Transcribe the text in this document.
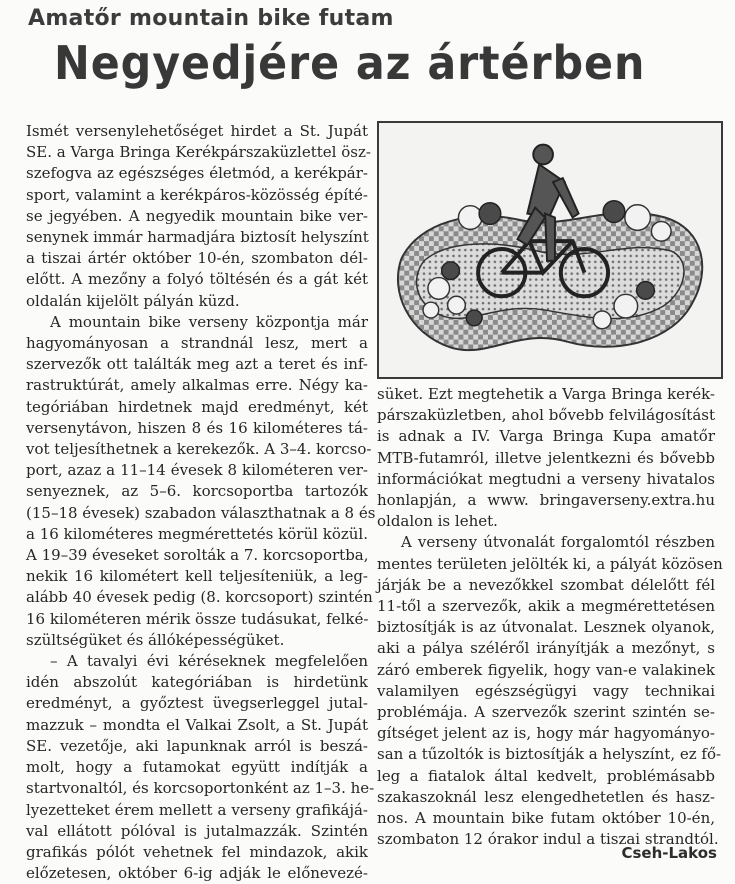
Amatőr mountain bike futam
Negyedjére az ártérben
Ismét versenylehetőséget hirdet a St. Jupát
SE. a Varga Bringa Kerékpárszaküzlettel ösz-
szefogva az egészséges életmód, a kerékpár-
sport, valamint a kerékpáros-közösség építé-
se jegyében. A negyedik mountain bike ver-
senynek immár harmadjára biztosít helyszínt
a tiszai ártér október 10-én, szombaton dél-
előtt. A mezőny a folyó töltésén és a gát két
oldalán kijelölt pályán küzd.
A mountain bike verseny központja már
hagyományosan a strandnál lesz, mert a
szervezők ott találták meg azt a teret és inf-
rastruktúrát, amely alkalmas erre. Négy ka-
tegóriában hirdetnek majd eredményt, két
versenytávon, hiszen 8 és 16 kilométeres tá-
vot teljesíthetnek a kerekezők. A 3–4. korcso-
port, azaz a 11–14 évesek 8 kilométeren ver-
senyeznek, az 5–6. korcsoportba tartozók
(15–18 évesek) szabadon választhatnak a 8 és
a 16 kilométeres megmérettetés körül közül.
A 19–39 éveseket sorolták a 7. korcsoportba,
nekik 16 kilométert kell teljesíteniük, a leg-
alább 40 évesek pedig (8. korcsoport) szintén
16 kilométeren mérik össze tudásukat, felké-
szültségüket és állóképességüket.
– A tavalyi évi kéréseknek megfelelően
idén abszolút kategóriában is hirdetünk
eredményt, a győztest üvegserleggel jutal-
mazzuk – mondta el Valkai Zsolt, a St. Jupát
SE. vezetője, aki lapunknak arról is beszá-
molt, hogy a futamokat együtt indítják a
startvonaltól, és korcsoportonként az 1–3. he-
lyezetteket érem mellett a verseny grafikájá-
val ellátott pólóval is jutalmazzák. Szintén
grafikás pólót vehetnek fel mindazok, akik
előzetesen, október 6-ig adják le előnevezé-
süket. Ezt megtehetik a Varga Bringa kerék-
párszaküzletben, ahol bővebb felvilágosítást
is adnak a IV. Varga Bringa Kupa amatőr
MTB-futamról, illetve jelentkezni és bővebb
információkat megtudni a verseny hivatalos
honlapján, a www. bringaverseny.extra.hu
oldalon is lehet.
A verseny útvonalát forgalomtól részben
mentes területen jelölték ki, a pályát közösen
járják be a nevezőkkel szombat délelőtt fél
11-től a szervezők, akik a megmérettetésen
biztosítják is az útvonalat. Lesznek olyanok,
aki a pálya széléről irányítják a mezőnyt, s
záró emberek figyelik, hogy van-e valakinek
valamilyen egészségügyi vagy technikai
problémája. A szervezők szerint szintén se-
gítséget jelent az is, hogy már hagyományo-
san a tűzoltók is biztosítják a helyszínt, ez fő-
leg a fiatalok által kedvelt, problémásabb
szakaszoknál lesz elengedhetetlen és hasz-
nos. A mountain bike futam október 10-én,
szombaton 12 órakor indul a tiszai strandtól.
Cseh-Lakos
